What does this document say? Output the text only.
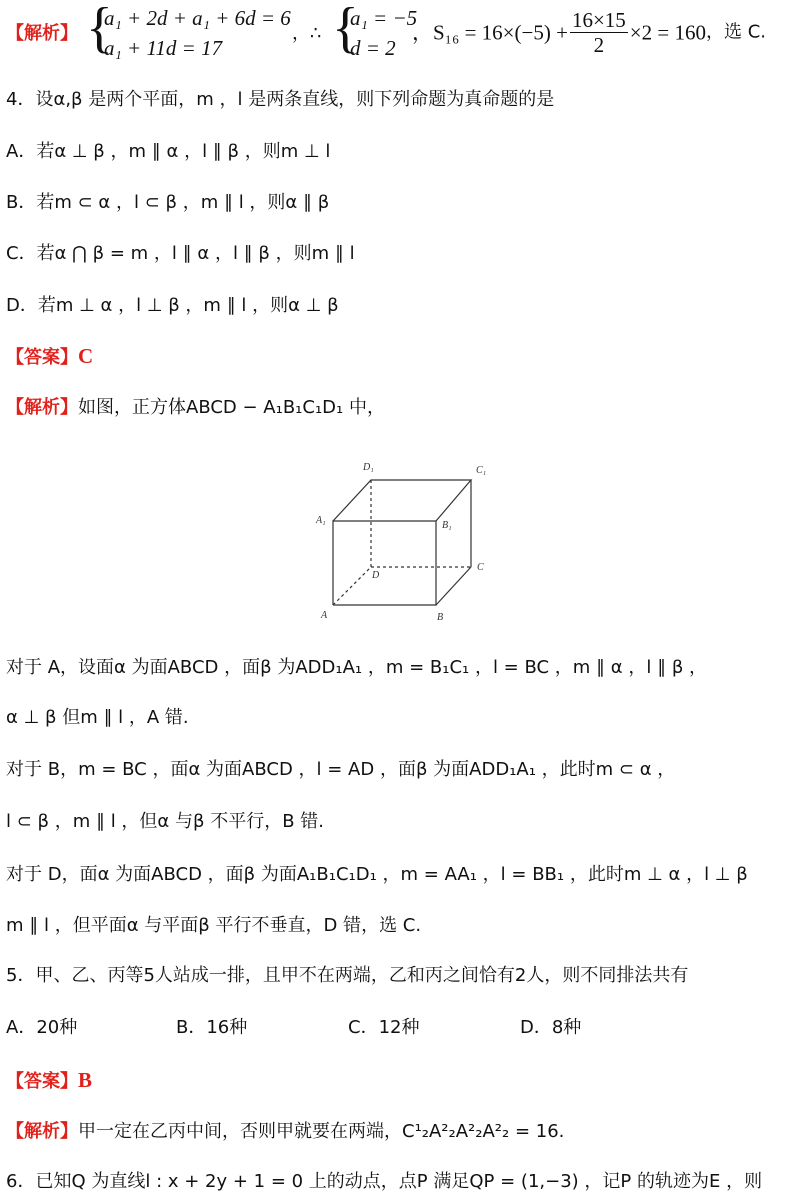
【解析】 {
a₁ + 2d + a₁ + 6d = 6
a₁ + 11d = 17
，∴ {
a₁ = −5
d = 2
，$S_{16} = 16\times(-5) + \frac{16\times 15}{2} \times 2 = 160$，选 C.
4．设α,β 是两个平面，m ，l 是两条直线，则下列命题为真命题的是
A．若α ⊥ β ，m ∥ α ，l ∥ β ，则m ⊥ l
B．若m ⊂ α ，l ⊂ β ，m ∥ l ，则α ∥ β
C．若α ⋂ β = m ，l ∥ α ，l ∥ β ，则m ∥ l
D．若m ⊥ α ，l ⊥ β ，m ∥ l ，则α ⊥ β
【答案】C
【解析】如图，正方体ABCD − A₁B₁C₁D₁ 中，
D₁	C₁
A₁	B₁
D
C
A	B
对于 A，设面α 为面ABCD ，面β 为ADD₁A₁ ，m = B₁C₁ ，l = BC ，m ∥ α ，l ∥ β ，
α ⊥ β 但m ∥ l ，A 错.
对于 B，m = BC ，面α 为面ABCD ，l = AD ，面β 为面ADD₁A₁ ，此时m ⊂ α ，
l ⊂ β ，m ∥ l ，但α 与β 不平行，B 错.
对于 D，面α 为面ABCD ，面β 为面A₁B₁C₁D₁ ，m = AA₁ ，l = BB₁ ，此时m ⊥ α ，l ⊥ β
m ∥ l ，但平面α 与平面β 平行不垂直，D 错，选 C.
5．甲、乙、丙等5人站成一排，且甲不在两端，乙和丙之间恰有2人，则不同排法共有
A．20种	B．16种	C．12种	D．8种
【答案】B
【解析】甲一定在乙丙中间，否则甲就要在两端，C¹₂A²₂A²₂A²₂ = 16.
6．已知Q 为直线l : x + 2y + 1 = 0 上的动点，点P 满足QP = (1,−3) ，记P 的轨迹为E ，则
